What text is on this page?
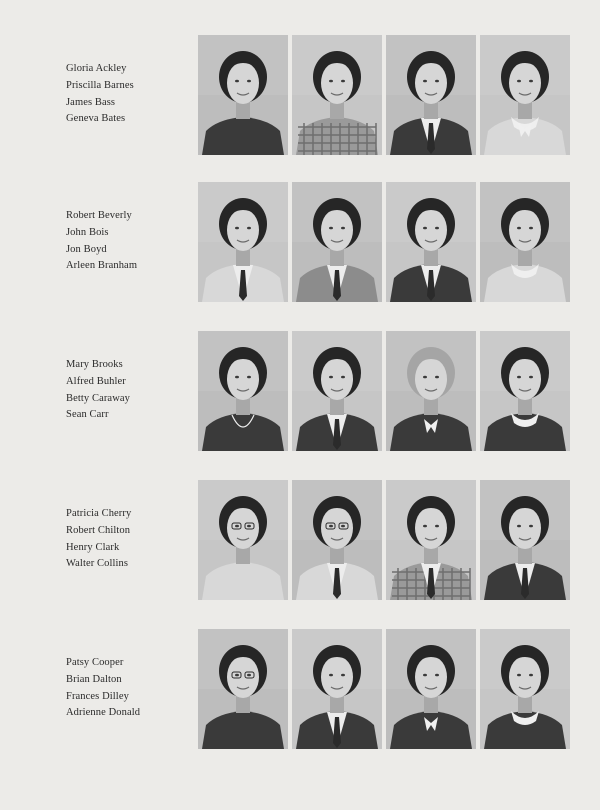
Gloria Ackley
Priscilla Barnes
James Bass
Geneva Bates
Robert Beverly
John Bois
Jon Boyd
Arleen Branham
Mary Brooks
Alfred Buhler
Betty Caraway
Sean Carr
Patricia Cherry
Robert Chilton
Henry Clark
Walter Collins
Patsy Cooper
Brian Dalton
Frances Dilley
Adrienne Donald
